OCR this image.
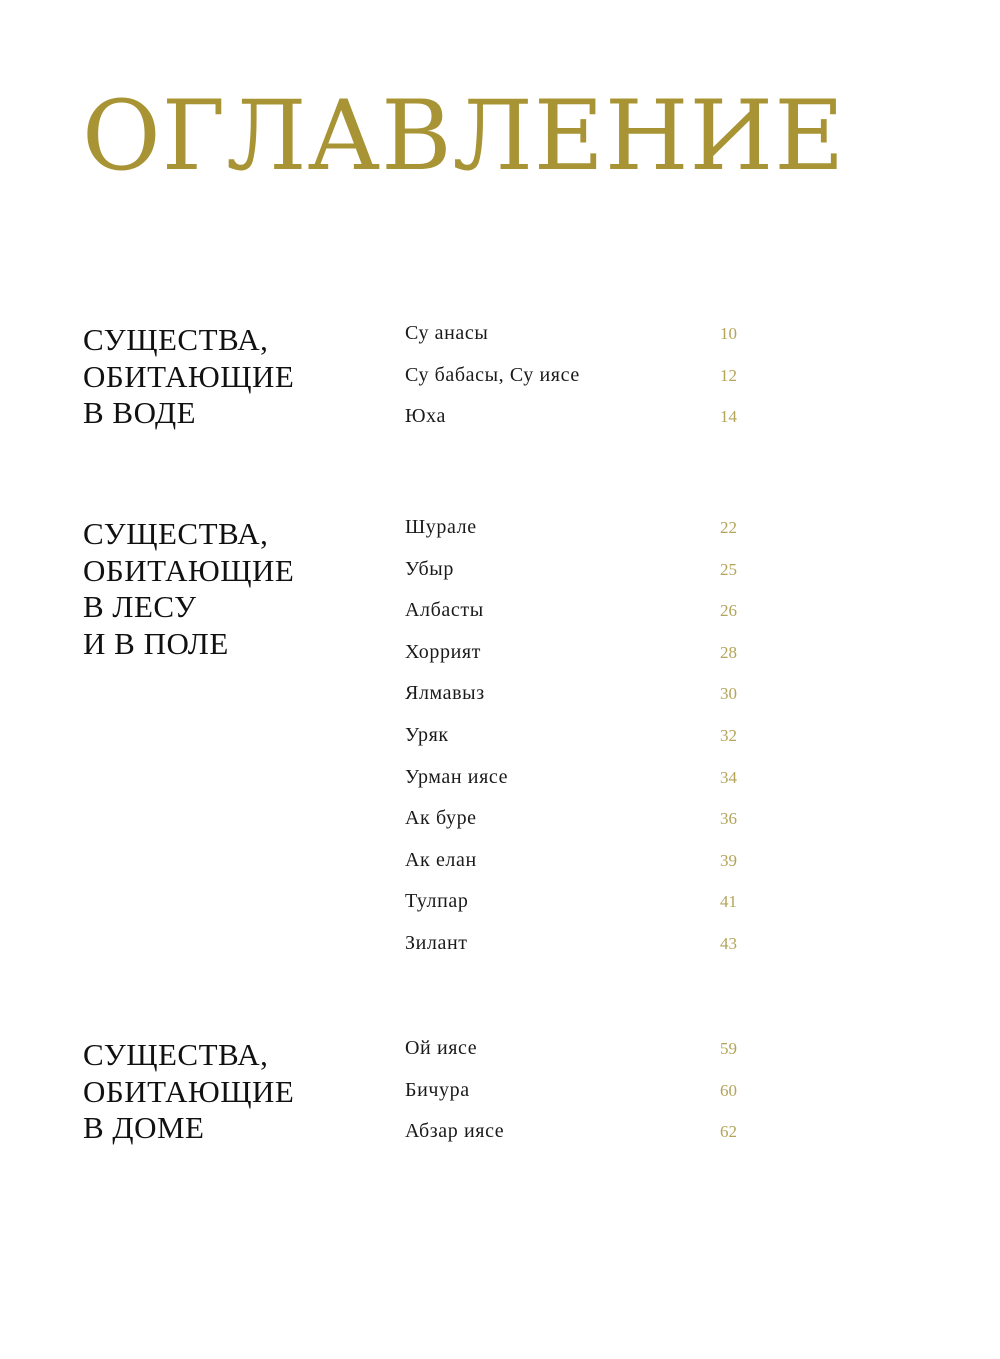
ОГЛАВЛЕНИЕ
СУЩЕСТВА,
ОБИТАЮЩИЕ
В ВОДЕ
Су анасы	10
Су бабасы, Су иясе	12
Юха	14
СУЩЕСТВА,
ОБИТАЮЩИЕ
В ЛЕСУ
И В ПОЛЕ
Шурале	22
Убыр	25
Албасты	26
Хоррият	28
Ялмавыз	30
Уряк	32
Урман иясе	34
Ак буре	36
Ак елан	39
Тулпар	41
Зилант	43
СУЩЕСТВА,
ОБИТАЮЩИЕ
В ДОМЕ
Ой иясе	59
Бичура	60
Абзар иясе	62
